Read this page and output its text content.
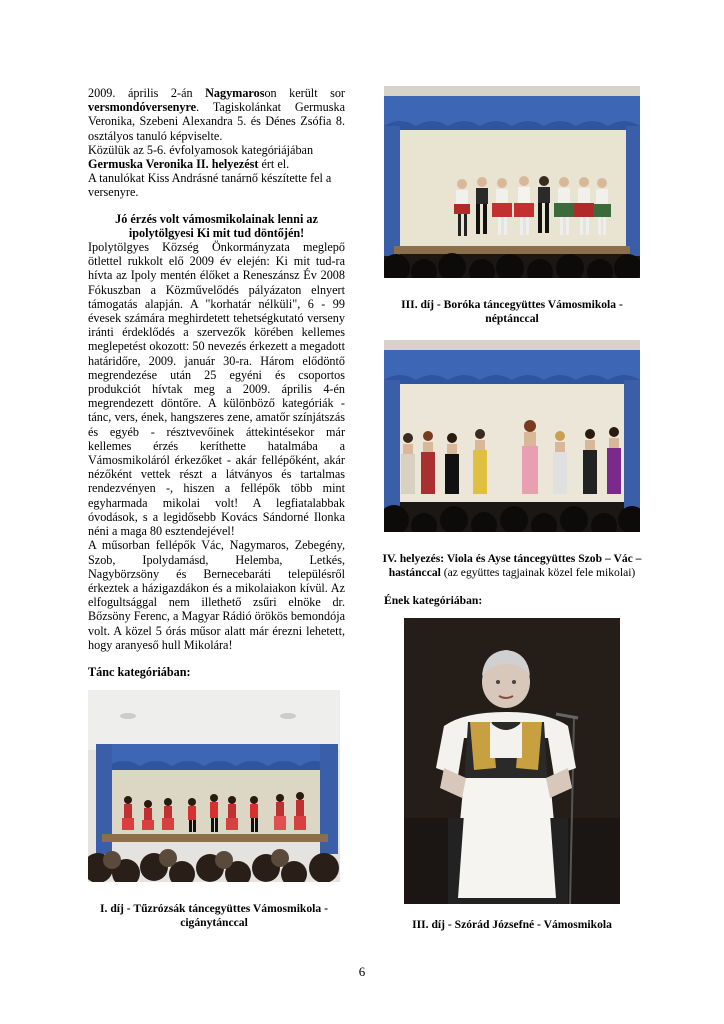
2009. április 2-án Nagymaroson került sor versmondóversenyre. Tagiskolánkat Germuska Veronika, Szebeni Alexandra 5. és Dénes Zsófia 8. osztályos tanuló képviselte.

Közülük az 5-6. évfolyamosok kategóriájában Germuska Veronika II. helyezést ért el.

A tanulókat Kiss Andrásné tanárnő készítette fel a versenyre.

Jó érzés volt vámosmikolainak lenni az ipolytölgyesi Ki mit tud döntőjén!

Ipolytölgyes Község Önkormányzata meglepő ötlettel rukkolt elő 2009 év elején: Ki mit tud-ra hívta az Ipoly mentén élőket a Reneszánsz Év 2008 Fókuszban a Közművelődés pályázaton elnyert támogatás alapján. A "korhatár nélküli", 6 - 99 évesek számára meghirdetett tehetségkutató verseny iránti érdeklődés a szervezők körében kellemes meglepetést okozott: 50 nevezés érkezett a megadott határidőre, 2009. január 30-ra. Három elődöntő megrendezése után 25 egyéni és csoportos produkciót hívtak meg a 2009. április 4-én megrendezett döntőre. A különböző kategóriák - tánc, vers, ének, hangszeres zene, amatőr színjátszás és egyéb - résztvevőinek áttekintésekor már kellemes érzés keríthette hatalmába a Vámosmikoláról érkezőket - akár fellépőként, akár nézőként vettek részt a látványos és tartalmas rendezvényen -, hiszen a fellépők több mint egyharmada mikolai volt! A legfiatalabbak óvodások, s a legidősebb Kovács Sándorné Ilonka néni a maga 80 esztendejével!

A műsorban fellépők Vác, Nagymaros, Zebegény, Szob, Ipolydamásd, Helemba, Letkés, Nagybörzsöny és Bernecebaráti településről érkeztek a házigazdákon és a mikolaiakon kívül. Az elfogultsággal nem illethető zsűri elnöke dr. Bőzsöny Ferenc, a Magyar Rádió örökös bemondója volt. A közel 5 órás műsor alatt már érezni lehetett, hogy aranyeső hull Mikolára!

Tánc kategóriában:

III. díj - Boróka táncegyüttes Vámosmikola - néptánccal
IV. helyezés: Viola és Ayse táncegyüttes Szob – Vác – hastánccal (az együttes tagjainak közel fele mikolai)
Ének kategóriában:
I. díj - Tűzrózsák táncegyüttes Vámosmikola - cigánytánccal	III. díj - Szórád Józsefné - Vámosmikola
6
